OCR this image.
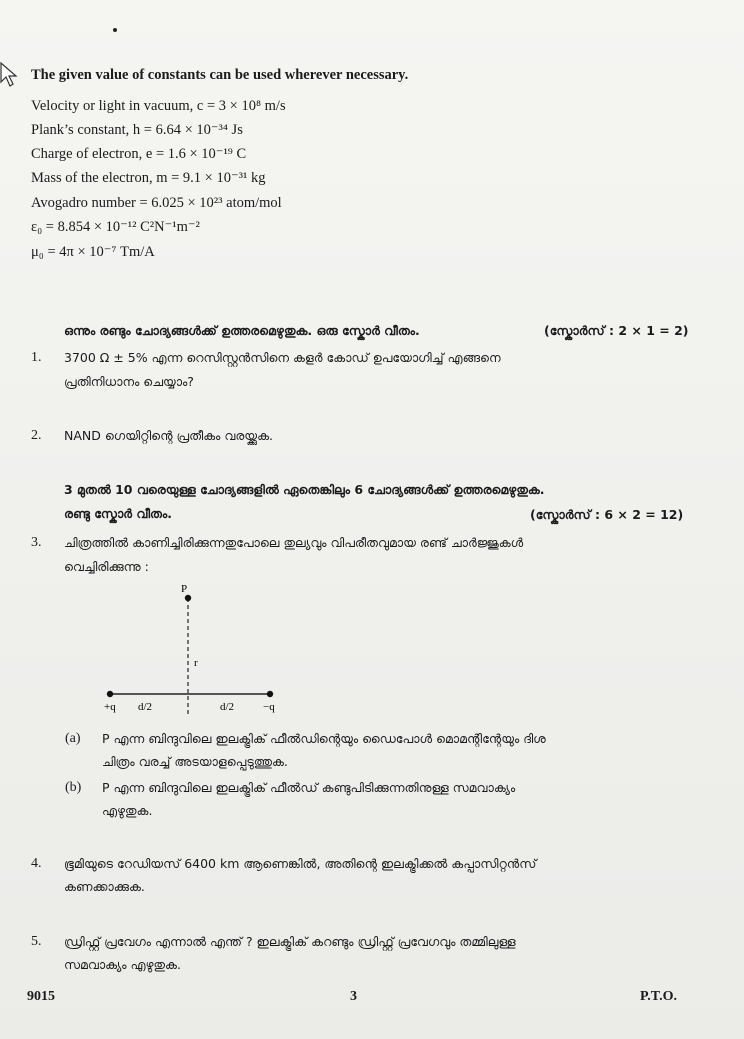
The given value of constants can be used wherever necessary.
Velocity or light in vacuum, c = 3 × 10⁸ m/s
Plank’s constant, h = 6.64 × 10⁻³⁴ Js
Charge of electron, e = 1.6 × 10⁻¹⁹ C
Mass of the electron, m = 9.1 × 10⁻³¹ kg
Avogadro number = 6.025 × 10²³ atom/mol
ε₀ = 8.854 × 10⁻¹² C²N⁻¹m⁻²
μ₀ = 4π × 10⁻⁷ Tm/A
ഒന്നും രണ്ടും ചോദ്യങ്ങൾക്ക് ഉത്തരമെഴുതുക. ഒരു സ്കോർ വീതം.	(സ്കോർസ് : 2 × 1 = 2)
1. 3700 Ω ± 5% എന്ന റെസിസ്റ്റൻസിനെ കളർ കോഡ് ഉപയോഗിച്ച് എങ്ങനെ
പ്രതിനിധാനം ചെയ്യാം?
2. NAND ഗെയിറ്റിന്റെ പ്രതീകം വരയ്ക്കുക.
3 മുതൽ 10 വരെയുള്ള ചോദ്യങ്ങളിൽ ഏതെങ്കിലും 6 ചോദ്യങ്ങൾക്ക് ഉത്തരമെഴുതുക.
രണ്ടു സ്കോർ വീതം.	(സ്കോർസ് : 6 × 2 = 12)
3. ചിത്രത്തിൽ കാണിച്ചിരിക്കുന്നതുപോലെ തുല്യവും വിപരീതവുമായ രണ്ട് ചാർജ്ജുകൾ
വെച്ചിരിക്കുന്നു :
P
r
+q d/2	d/2	−q
(a) P എന്ന ബിന്ദുവിലെ ഇലക്ട്രിക് ഫീൽഡിന്റെയും ഡൈപോൾ മൊമന്റിന്റേയും ദിശ
ചിത്രം വരച്ച് അടയാളപ്പെടുത്തുക.
(b) P എന്ന ബിന്ദുവിലെ ഇലക്ട്രിക് ഫീൽഡ് കണ്ടുപിടിക്കുന്നതിനുള്ള സമവാക്യം
എഴുതുക.
4. ഭൂമിയുടെ റേഡിയസ് 6400 km ആണെങ്കിൽ, അതിന്റെ ഇലക്ട്രിക്കൽ കപ്പാസിറ്റൻസ്
കണക്കാക്കുക.
5. ഡ്രിഫ്റ്റ് പ്രവേഗം എന്നാൽ എന്ത് ? ഇലക്ട്രിക് കറണ്ടും ഡ്രിഫ്റ്റ് പ്രവേഗവും തമ്മിലുള്ള
സമവാക്യം എഴുതുക.
9015	3	P.T.O.
